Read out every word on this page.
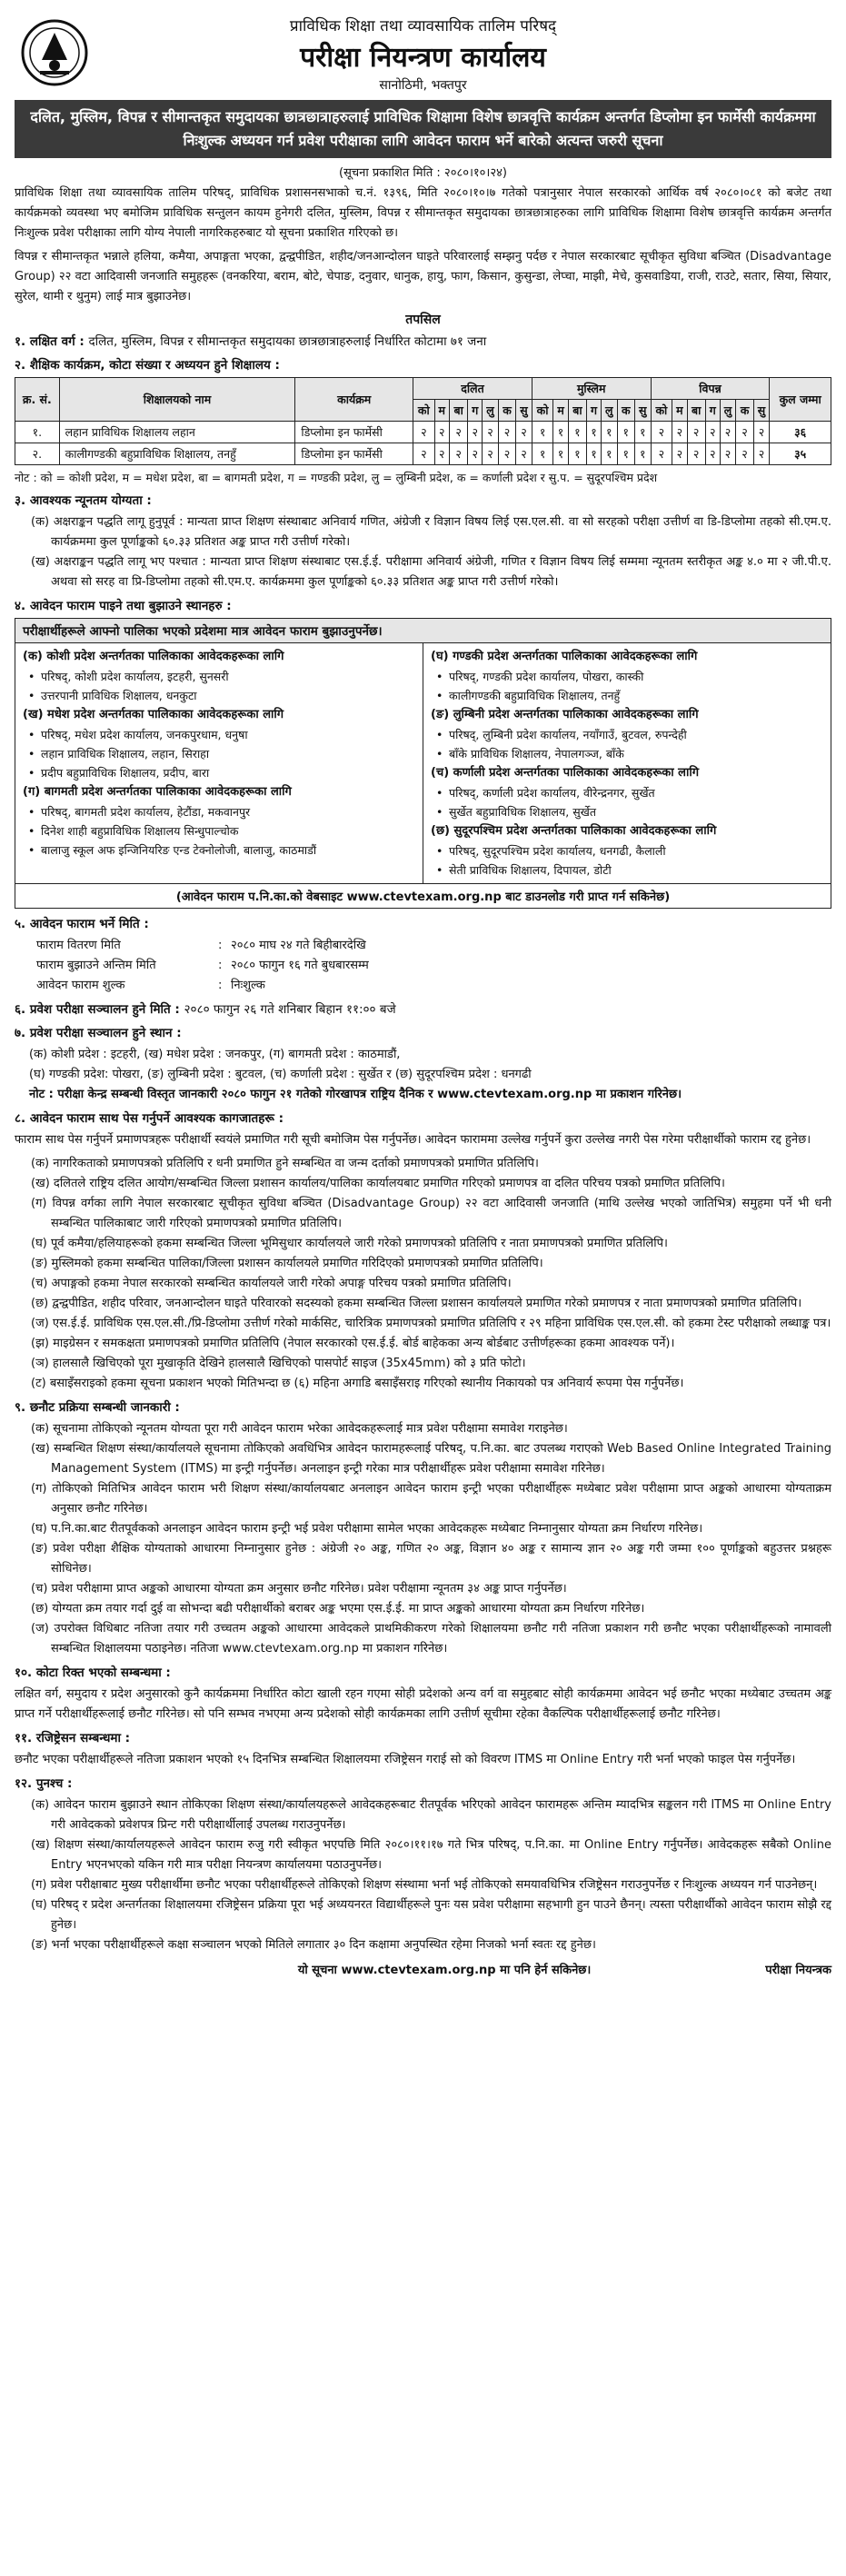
प्राविधिक शिक्षा तथा व्यावसायिक तालिम परिषद्
परीक्षा नियन्त्रण कार्यालय
सानोठिमी, भक्तपुर
दलित, मुस्लिम, विपन्न र सीमान्तकृत समुदायका छात्रछात्राहरुलाई प्राविधिक शिक्षामा विशेष छात्रवृत्ति कार्यक्रम अन्तर्गत डिप्लोमा इन फार्मेसी कार्यक्रममा निःशुल्क अध्ययन गर्न प्रवेश परीक्षाका लागि आवेदन फाराम भर्ने बारेको अत्यन्त जरुरी सूचना
(सूचना प्रकाशित मिति : २०८०।१०।२४)

प्राविधिक शिक्षा तथा व्यावसायिक तालिम परिषद्, प्राविधिक प्रशासनसभाको च.नं. १३९६, मिति २०८०।१०।७ गतेको पत्रानुसार नेपाल सरकारको आर्थिक वर्ष २०८०।०८१ को बजेट तथा कार्यक्रमको व्यवस्था भए बमोजिम प्राविधिक सन्तुलन कायम हुनेगरी दलित, मुस्लिम, विपन्न र सीमान्तकृत समुदायका छात्रछात्राहरुका लागि प्राविधिक शिक्षामा विशेष छात्रवृत्ति कार्यक्रम अन्तर्गत निःशुल्क प्रवेश परीक्षाका लागि योग्य नेपाली नागरिकहरुबाट यो सूचना प्रकाशित गरिएको छ।

विपन्न र सीमान्तकृत भन्नाले हलिया, कमैया, अपाङ्गता भएका, द्वन्द्वपीडित, शहीद/जनआन्दोलन घाइते परिवारलाई सम्झनु पर्दछ र नेपाल सरकारबाट सूचीकृत सुविधा बञ्चित (Disadvantage Group) २२ वटा आदिवासी जनजाति समुहहरू (वनकरिया, बराम, बोटे, चेपाङ, दनुवार, धानुक, हायु, फाग, किसान, कुसुन्डा, लेप्चा, माझी, मेचे, कुसवाडिया, राजी, राउटे, सतार, सिया, सियार, सुरेल, थामी र थुनुम) लाई मात्र बुझाउनेछ।

तपसिल
१. लक्षित वर्ग : दलित, मुस्लिम, विपन्न र सीमान्तकृत समुदायका छात्रछात्राहरुलाई निर्धारित कोटामा ७१ जना
२. शैक्षिक कार्यक्रम, कोटा संख्या र अध्ययन हुने शिक्षालय :
क्र. सं.	शिक्षालयको नाम	कार्यक्रम	दलित							मुस्लिम							विपन्न							कुल जम्मा
			को	म	बा	ग	लु	क	सु	को	म	बा	ग	लु	क	सु	को	म	बा	ग	लु	क	सु	
१.	लहान प्राविधिक शिक्षालय लहान	डिप्लोमा इन फार्मेसी	२	२	२	२	२	२	२	१	१	१	१	१	१	१	२	२	२	२	२	२	२	३६
२.	कालीगण्डकी बहुप्राविधिक शिक्षालय, तनहुँ	डिप्लोमा इन फार्मेसी	२	२	२	२	२	२	२	१	१	१	१	१	१	१	२	२	२	२	२	२	२	३५
नोट : को = कोशी प्रदेश, म = मधेश प्रदेश, बा = बागमती प्रदेश, ग = गण्डकी प्रदेश, लु = लुम्बिनी प्रदेश, क = कर्णाली प्रदेश र सु.प. = सुदूरपश्चिम प्रदेश
३. आवश्यक न्यूनतम योग्यता :

(क) अक्षराङ्कन पद्धति लागू हुनुपूर्व : मान्यता प्राप्त शिक्षण संस्थाबाट अनिवार्य गणित, अंग्रेजी र विज्ञान विषय लिई एस.एल.सी. वा सो सरहको परीक्षा उत्तीर्ण वा डि-डिप्लोमा तहको सी.एम.ए. कार्यक्रममा कुल पूर्णाङ्कको ६०.३३ प्रतिशत अङ्क प्राप्त गरी उत्तीर्ण गरेको।

(ख) अक्षराङ्कन पद्धति लागू भए पश्चात : मान्यता प्राप्त शिक्षण संस्थाबाट एस.ई.ई. परीक्षामा अनिवार्य अंग्रेजी, गणित र विज्ञान विषय लिई सम्ममा न्यूनतम स्तरीकृत अङ्क ४.० मा २ जी.पी.ए. अथवा सो सरह वा प्रि-डिप्लोमा तहको सी.एम.ए. कार्यक्रममा कुल पूर्णाङ्कको ६०.३३ प्रतिशत अङ्क प्राप्त गरी उत्तीर्ण गरेको।

४. आवेदन फाराम पाइने तथा बुझाउने स्थानहरु :
परीक्षार्थीहरूले आफ्नो पालिका भएको प्रदेशमा मात्र आवेदन फाराम बुझाउनुपर्नेछ।
(क) कोशी प्रदेश अन्तर्गतका पालिकाका आवेदकहरूका लागि
• परिषद्, कोशी प्रदेश कार्यालय, इटहरी, सुनसरी
• उत्तरपानी प्राविधिक शिक्षालय, धनकुटा
(ख) मधेश प्रदेश अन्तर्गतका पालिकाका आवेदकहरूका लागि
• परिषद्, मधेश प्रदेश कार्यालय, जनकपुरधाम, धनुषा
• लहान प्राविधिक शिक्षालय, लहान, सिराहा
• प्रदीप बहुप्राविधिक शिक्षालय, प्रदीप, बारा
(ग) बागमती प्रदेश अन्तर्गतका पालिकाका आवेदकहरूका लागि
• परिषद्, बागमती प्रदेश कार्यालय, हेटौंडा, मकवानपुर
• दिनेश शाही बहुप्राविधिक शिक्षालय सिन्धुपाल्चोक
• बालाजु स्कूल अफ इन्जिनियरिङ एन्ड टेक्नोलोजी, बालाजु, काठमाडौं
(घ) गण्डकी प्रदेश अन्तर्गतका पालिकाका आवेदकहरूका लागि
• परिषद्, गण्डकी प्रदेश कार्यालय, पोखरा, कास्की
• कालीगण्डकी बहुप्राविधिक शिक्षालय, तनहुँ
(ङ) लुम्बिनी प्रदेश अन्तर्गतका पालिकाका आवेदकहरूका लागि
• परिषद्, लुम्बिनी प्रदेश कार्यालय, नयाँगाउँ, बुटवल, रुपन्देही
• बाँके प्राविधिक शिक्षालय, नेपालगञ्ज, बाँके
(च) कर्णाली प्रदेश अन्तर्गतका पालिकाका आवेदकहरूका लागि
• परिषद्, कर्णाली प्रदेश कार्यालय, वीरेन्द्रनगर, सुर्खेत
• सुर्खेत बहुप्राविधिक शिक्षालय, सुर्खेत
(छ) सुदूरपश्चिम प्रदेश अन्तर्गतका पालिकाका आवेदकहरूका लागि
• परिषद्, सुदूरपश्चिम प्रदेश कार्यालय, धनगढी, कैलाली
• सेती प्राविधिक शिक्षालय, दिपायल, डोटी
(आवेदन फाराम प.नि.का.को वेबसाइट www.ctevtexam.org.np बाट डाउनलोड गरी प्राप्त गर्न सकिनेछ)
५. आवेदन फाराम भर्ने मिति :
फाराम वितरण मिति	: २०८० माघ २४ गते बिहीबारदेखि
फाराम बुझाउने अन्तिम मिति	: २०८० फागुन १६ गते बुधबारसम्म
आवेदन फाराम शुल्क	: निःशुल्क
६. प्रवेश परीक्षा सञ्चालन हुने मिति : २०८० फागुन २६ गते शनिबार बिहान ११:०० बजे
७. प्रवेश परीक्षा सञ्चालन हुने स्थान :

(क) कोशी प्रदेश : इटहरी, (ख) मधेश प्रदेश : जनकपुर, (ग) बागमती प्रदेश : काठमाडौं,

(घ) गण्डकी प्रदेश: पोखरा, (ङ) लुम्बिनी प्रदेश : बुटवल, (च) कर्णाली प्रदेश : सुर्खेत र (छ) सुदूरपश्चिम प्रदेश : धनगढी

नोट : परीक्षा केन्द्र सम्बन्धी विस्तृत जानकारी २०८० फागुन २१ गतेको गोरखापत्र राष्ट्रिय दैनिक र www.ctevtexam.org.np मा प्रकाशन गरिनेछ।

८. आवेदन फाराम साथ पेस गर्नुपर्ने आवश्यक कागजातहरू :

फाराम साथ पेस गर्नुपर्ने प्रमाणपत्रहरू परीक्षार्थी स्वयंले प्रमाणित गरी सूची बमोजिम पेस गर्नुपर्नेछ। आवेदन फाराममा उल्लेख गर्नुपर्ने कुरा उल्लेख नगरी पेस गरेमा परीक्षार्थीको फाराम रद्द हुनेछ।

(क) नागरिकताको प्रमाणपत्रको प्रतिलिपि र धनी प्रमाणित हुने सम्बन्धित वा जन्म दर्ताको प्रमाणपत्रको प्रमाणित प्रतिलिपि।

(ख) दलितले राष्ट्रिय दलित आयोग/सम्बन्धित जिल्ला प्रशासन कार्यालय/पालिका कार्यालयबाट प्रमाणित गरिएको प्रमाणपत्र वा दलित परिचय पत्रको प्रमाणित प्रतिलिपि।

(ग) विपन्न वर्गका लागि नेपाल सरकारबाट सूचीकृत सुविधा बञ्चित (Disadvantage Group) २२ वटा आदिवासी जनजाति (माथि उल्लेख भएको जातिभित्र) समुहमा पर्ने भी धनी सम्बन्धित पालिकाबाट जारी गरिएको प्रमाणपत्रको प्रमाणित प्रतिलिपि।

(घ) पूर्व कमैया/हलियाहरूको हकमा सम्बन्धित जिल्ला भूमिसुधार कार्यालयले जारी गरेको प्रमाणपत्रको प्रतिलिपि र नाता प्रमाणपत्रको प्रमाणित प्रतिलिपि।

(ङ) मुस्लिमको हकमा सम्बन्धित पालिका/जिल्ला प्रशासन कार्यालयले प्रमाणित गरिदिएको प्रमाणपत्रको प्रमाणित प्रतिलिपि।

(च) अपाङ्गको हकमा नेपाल सरकारको सम्बन्धित कार्यालयले जारी गरेको अपाङ्ग परिचय पत्रको प्रमाणित प्रतिलिपि।

(छ) द्वन्द्वपीडित, शहीद परिवार, जनआन्दोलन घाइते परिवारको सदस्यको हकमा सम्बन्धित जिल्ला प्रशासन कार्यालयले प्रमाणित गरेको प्रमाणपत्र र नाता प्रमाणपत्रको प्रमाणित प्रतिलिपि।

(ज) एस.ई.ई. प्राविधिक एस.एल.सी./प्रि-डिप्लोमा उत्तीर्ण गरेको मार्कसिट, चारित्रिक प्रमाणपत्रको प्रमाणित प्रतिलिपि र २९ महिना प्राविधिक एस.एल.सी. को हकमा टेस्ट परीक्षाको लब्धाङ्क पत्र।

(झ) माइग्रेसन र समकक्षता प्रमाणपत्रको प्रमाणित प्रतिलिपि (नेपाल सरकारको एस.ई.ई. बोर्ड बाहेकका अन्य बोर्डबाट उत्तीर्णहरूका हकमा आवश्यक पर्ने)।

(ञ) हालसालै खिचिएको पूरा मुखाकृति देखिने हालसालै खिचिएको पासपोर्ट साइज (35x45mm) को ३ प्रति फोटो।

(ट) बसाइँसराइको हकमा सूचना प्रकाशन भएको मितिभन्दा छ (६) महिना अगाडि बसाइँसराइ गरिएको स्थानीय निकायको पत्र अनिवार्य रूपमा पेस गर्नुपर्नेछ।

९. छनौट प्रक्रिया सम्बन्धी जानकारी :

(क) सूचनामा तोकिएको न्यूनतम योग्यता पूरा गरी आवेदन फाराम भरेका आवेदकहरूलाई मात्र प्रवेश परीक्षामा समावेश गराइनेछ।

(ख) सम्बन्धित शिक्षण संस्था/कार्यालयले सूचनामा तोकिएको अवधिभित्र आवेदन फारामहरूलाई परिषद्, प.नि.का. बाट उपलब्ध गराएको Web Based Online Integrated Training Management System (ITMS) मा इन्ट्री गर्नुपर्नेछ। अनलाइन इन्ट्री गरेका मात्र परीक्षार्थीहरू प्रवेश परीक्षामा समावेश गरिनेछ।

(ग) तोकिएको मितिभित्र आवेदन फाराम भरी शिक्षण संस्था/कार्यालयबाट अनलाइन आवेदन फाराम इन्ट्री भएका परीक्षार्थीहरू मध्येबाट प्रवेश परीक्षामा प्राप्त अङ्कको आधारमा योग्यताक्रम अनुसार छनौट गरिनेछ।

(घ) प.नि.का.बाट रीतपूर्वकको अनलाइन आवेदन फाराम इन्ट्री भई प्रवेश परीक्षामा सामेल भएका आवेदकहरू मध्येबाट निम्नानुसार योग्यता क्रम निर्धारण गरिनेछ।

(ङ) प्रवेश परीक्षा शैक्षिक योग्यताको आधारमा निम्नानुसार हुनेछ : अंग्रेजी २० अङ्क, गणित २० अङ्क, विज्ञान ४० अङ्क र सामान्य ज्ञान २० अङ्क गरी जम्मा १०० पूर्णाङ्कको बहुउत्तर प्रश्नहरू सोधिनेछ।

(च) प्रवेश परीक्षामा प्राप्त अङ्कको आधारमा योग्यता क्रम अनुसार छनौट गरिनेछ। प्रवेश परीक्षामा न्यूनतम ३४ अङ्क प्राप्त गर्नुपर्नेछ।

(छ) योग्यता क्रम तयार गर्दा दुई वा सोभन्दा बढी परीक्षार्थीको बराबर अङ्क भएमा एस.ई.ई. मा प्राप्त अङ्कको आधारमा योग्यता क्रम निर्धारण गरिनेछ।

(ज) उपरोक्त विधिबाट नतिजा तयार गरी उच्चतम अङ्कको आधारमा आवेदकले प्राथमिकीकरण गरेको शिक्षालयमा छनौट गरी नतिजा प्रकाशन गरी छनौट भएका परीक्षार्थीहरूको नामावली सम्बन्धित शिक्षालयमा पठाइनेछ। नतिजा www.ctevtexam.org.np मा प्रकाशन गरिनेछ।

१०. कोटा रिक्त भएको सम्बन्धमा :

लक्षित वर्ग, समुदाय र प्रदेश अनुसारको कुनै कार्यक्रममा निर्धारित कोटा खाली रहन गएमा सोही प्रदेशको अन्य वर्ग वा समुहबाट सोही कार्यक्रममा आवेदन भई छनौट भएका मध्येबाट उच्चतम अङ्क प्राप्त गर्ने परीक्षार्थीहरूलाई छनौट गरिनेछ। सो पनि सम्भव नभएमा अन्य प्रदेशको सोही कार्यक्रमका लागि उत्तीर्ण सूचीमा रहेका वैकल्पिक परीक्षार्थीहरूलाई छनौट गरिनेछ।

११. रजिष्ट्रेसन सम्बन्धमा :

छनौट भएका परीक्षार्थीहरूले नतिजा प्रकाशन भएको १५ दिनभित्र सम्बन्धित शिक्षालयमा रजिष्ट्रेसन गराई सो को विवरण ITMS मा Online Entry गरी भर्ना भएको फाइल पेस गर्नुपर्नेछ।

१२. पुनश्च :

(क) आवेदन फाराम बुझाउने स्थान तोकिएका शिक्षण संस्था/कार्यालयहरूले आवेदकहरूबाट रीतपूर्वक भरिएको आवेदन फारामहरू अन्तिम म्यादभित्र सङ्कलन गरी ITMS मा Online Entry गरी आवेदकको प्रवेशपत्र प्रिन्ट गरी परीक्षार्थीलाई उपलब्ध गराउनुपर्नेछ।

(ख) शिक्षण संस्था/कार्यालयहरूले आवेदन फाराम रुजु गरी स्वीकृत भएपछि मिति २०८०।११।१७ गते भित्र परिषद्, प.नि.का. मा Online Entry गर्नुपर्नेछ। आवेदकहरू सबैको Online Entry भएनभएको यकिन गरी मात्र परीक्षा नियन्त्रण कार्यालयमा पठाउनुपर्नेछ।

(ग) प्रवेश परीक्षाबाट मुख्य परीक्षार्थीमा छनौट भएका परीक्षार्थीहरूले तोकिएको शिक्षण संस्थामा भर्ना भई तोकिएको समयावधिभित्र रजिष्ट्रेसन गराउनुपर्नेछ र निःशुल्क अध्ययन गर्न पाउनेछन्।

(घ) परिषद् र प्रदेश अन्तर्गतका शिक्षालयमा रजिष्ट्रेसन प्रक्रिया पूरा भई अध्ययनरत विद्यार्थीहरूले पुनः यस प्रवेश परीक्षामा सहभागी हुन पाउने छैनन्। त्यस्ता परीक्षार्थीको आवेदन फाराम सोझै रद्द हुनेछ।

(ङ) भर्ना भएका परीक्षार्थीहरूले कक्षा सञ्चालन भएको मितिले लगातार ३० दिन कक्षामा अनुपस्थित रहेमा निजको भर्ना स्वतः रद्द हुनेछ।

यो सूचना www.ctevtexam.org.np मा पनि हेर्न सकिनेछ।	परीक्षा नियन्त्रक
